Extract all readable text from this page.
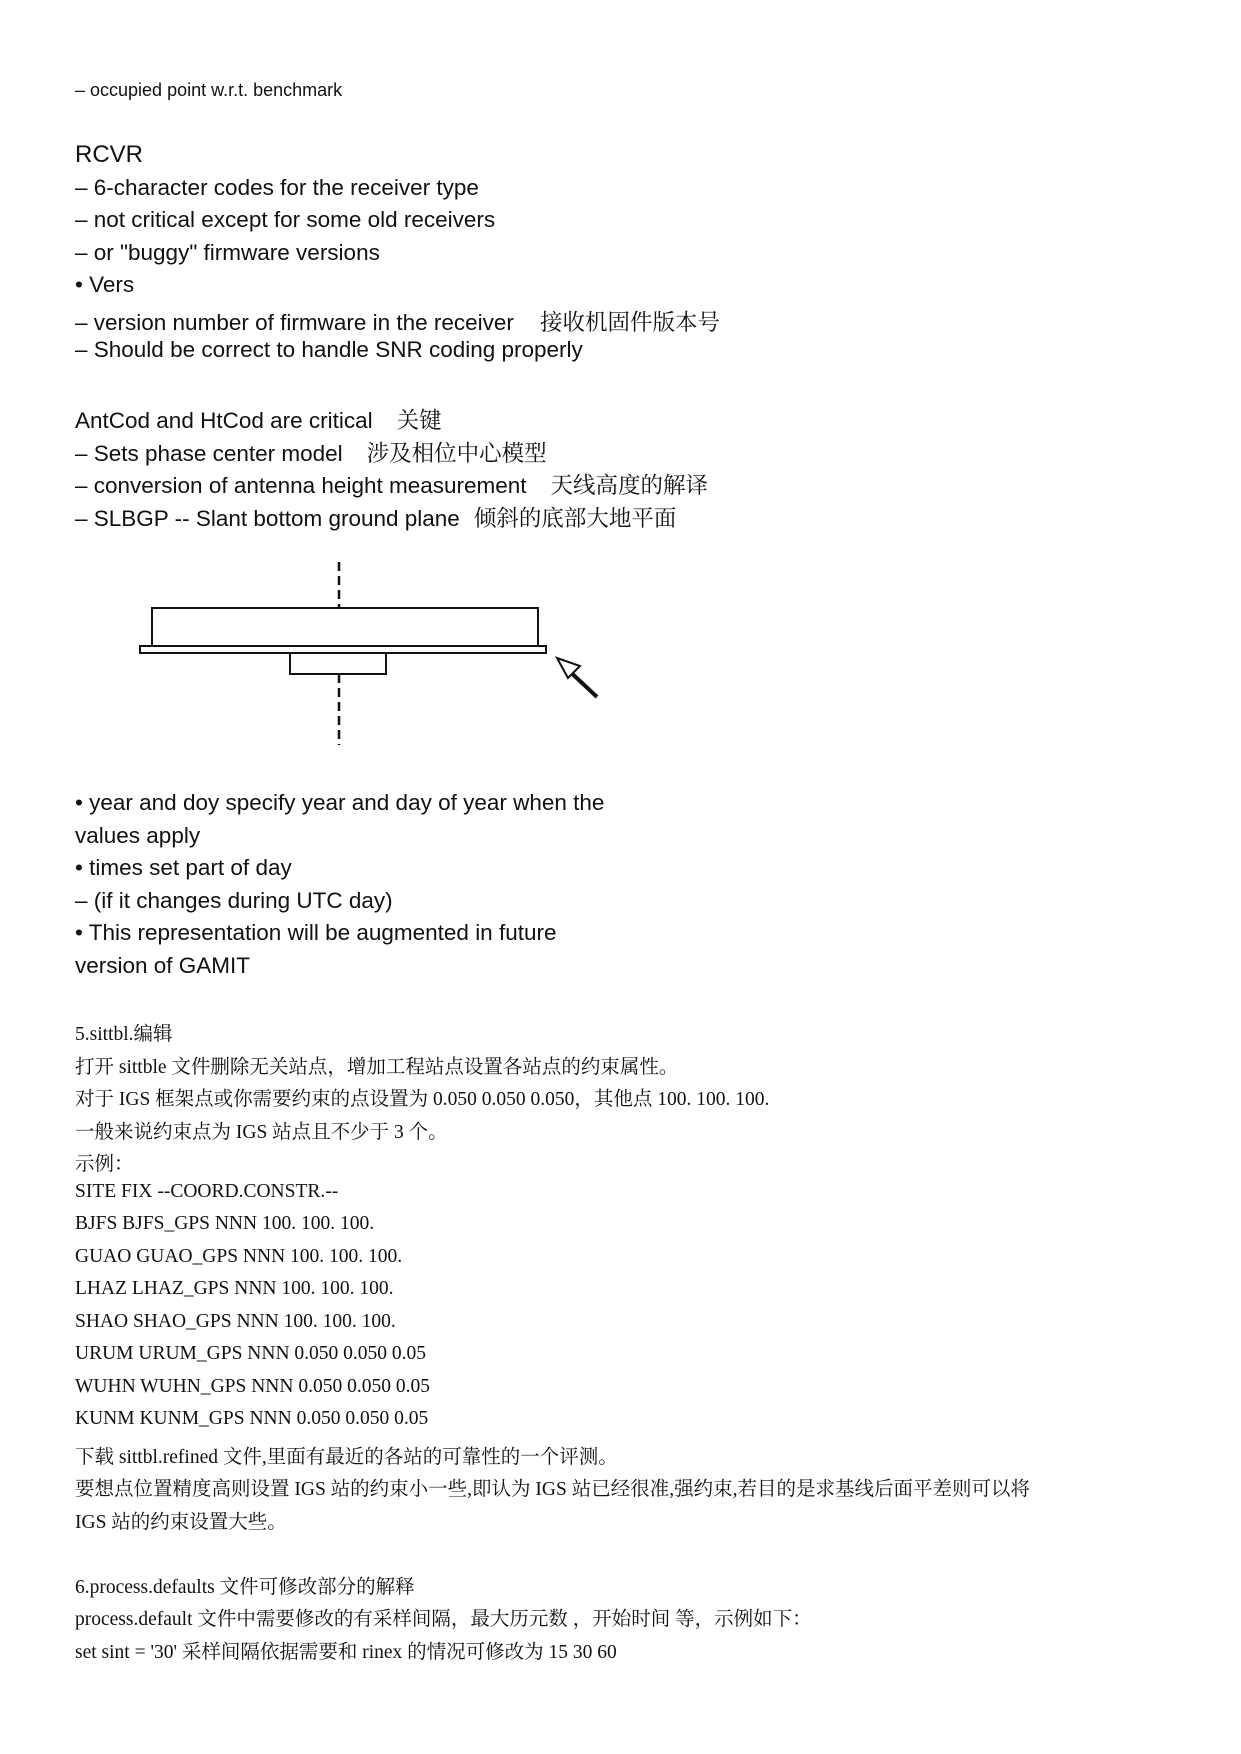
– occupied point w.r.t. benchmark
RCVR
– 6-character codes for the receiver type
– not critical except for some old receivers
– or "buggy" firmware versions
• Vers
– version number of firmware in the receiver 接收机固件版本号
– Should be correct to handle SNR coding properly
AntCod and HtCod are critical 关键
– Sets phase center model 涉及相位中心模型
– conversion of antenna height measurement 天线高度的解译
– SLBGP -- Slant bottom ground plane 倾斜的底部大地平面
• year and doy specify year and day of year when the
values apply
• times set part of day
– (if it changes during UTC day)
• This representation will be augmented in future
version of GAMIT
5.sittbl.编辑
打开 sittble 文件删除无关站点，增加工程站点设置各站点的约束属性。
对于 IGS 框架点或你需要约束的点设置为 0.050 0.050 0.050，其他点 100. 100. 100.
一般来说约束点为 IGS 站点且不少于 3 个。
示例：
SITE FIX --COORD.CONSTR.--
BJFS BJFS_GPS NNN 100. 100. 100.
GUAO GUAO_GPS NNN 100. 100. 100.
LHAZ LHAZ_GPS NNN 100. 100. 100.
SHAO SHAO_GPS NNN 100. 100. 100.
URUM URUM_GPS NNN 0.050 0.050 0.05
WUHN WUHN_GPS NNN 0.050 0.050 0.05
KUNM KUNM_GPS NNN 0.050 0.050 0.05
下载 sittbl.refined 文件,里面有最近的各站的可靠性的一个评测。
要想点位置精度高则设置 IGS 站的约束小一些,即认为 IGS 站已经很准,强约束,若目的是求基线后面平差则可以将
IGS 站的约束设置大些。
6.process.defaults 文件可修改部分的解释
process.default 文件中需要修改的有采样间隔，最大历元数 ，开始时间 等，示例如下：
set sint = '30' 采样间隔依据需要和 rinex 的情况可修改为 15 30 60
